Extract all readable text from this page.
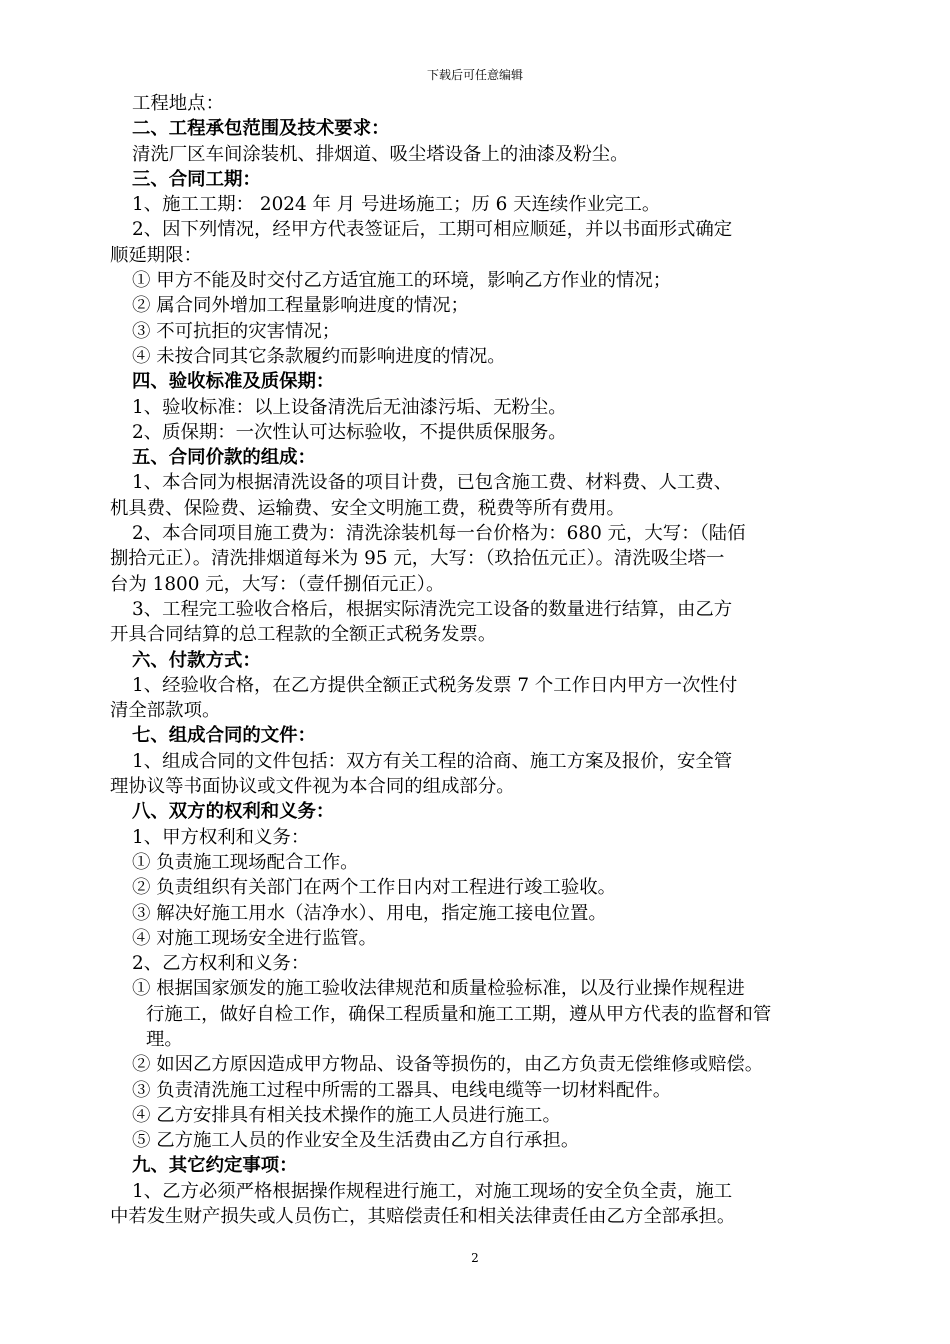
下载后可任意编辑
工程地点：
二、工程承包范围及技术要求：
清洗厂区车间涂装机、排烟道、吸尘塔设备上的油漆及粉尘。
三、合同工期：
1、施工工期： 2024 年 月 号进场施工；历 6 天连续作业完工。
2、因下列情况，经甲方代表签证后，工期可相应顺延，并以书面形式确定
顺延期限：
① 甲方不能及时交付乙方适宜施工的环境，影响乙方作业的情况；
② 属合同外增加工程量影响进度的情况；
③ 不可抗拒的灾害情况；
④ 未按合同其它条款履约而影响进度的情况。
四、验收标准及质保期：
1、验收标准：以上设备清洗后无油漆污垢、无粉尘。
2、质保期：一次性认可达标验收，不提供质保服务。
五、合同价款的组成：
1、本合同为根据清洗设备的项目计费，已包含施工费、材料费、人工费、
机具费、保险费、运输费、安全文明施工费，税费等所有费用。
2、本合同项目施工费为：清洗涂装机每一台价格为：680 元，大写：（陆佰
捌拾元正）。清洗排烟道每米为 95 元，大写：（玖拾伍元正）。清洗吸尘塔一
台为 1800 元，大写：（壹仟捌佰元正）。
3、工程完工验收合格后，根据实际清洗完工设备的数量进行结算，由乙方
开具合同结算的总工程款的全额正式税务发票。
六、付款方式：
1、经验收合格，在乙方提供全额正式税务发票 7 个工作日内甲方一次性付
清全部款项。
七、组成合同的文件：
1、组成合同的文件包括：双方有关工程的洽商、施工方案及报价，安全管
理协议等书面协议或文件视为本合同的组成部分。
八、双方的权利和义务：
1、甲方权利和义务：
① 负责施工现场配合工作。
② 负责组织有关部门在两个工作日内对工程进行竣工验收。
③ 解决好施工用水（洁净水）、用电，指定施工接电位置。
④ 对施工现场安全进行监管。
2、乙方权利和义务：
① 根据国家颁发的施工验收法律规范和质量检验标准，以及行业操作规程进
行施工，做好自检工作，确保工程质量和施工工期，遵从甲方代表的监督和管
理。
② 如因乙方原因造成甲方物品、设备等损伤的，由乙方负责无偿维修或赔偿。
③ 负责清洗施工过程中所需的工器具、电线电缆等一切材料配件。
④ 乙方安排具有相关技术操作的施工人员进行施工。
⑤ 乙方施工人员的作业安全及生活费由乙方自行承担。
九、其它约定事项：
1、乙方必须严格根据操作规程进行施工，对施工现场的安全负全责，施工
中若发生财产损失或人员伤亡，其赔偿责任和相关法律责任由乙方全部承担。
2
